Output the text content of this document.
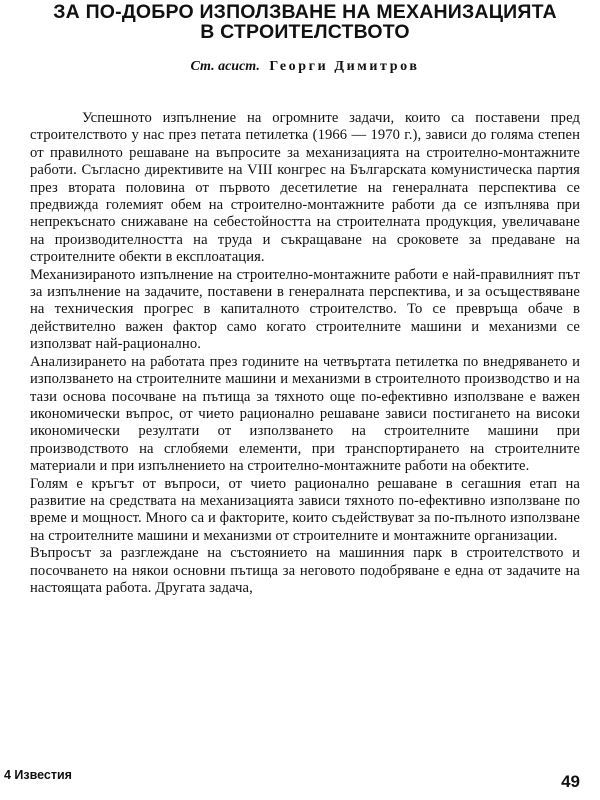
ЗА ПО-ДОБРО ИЗПОЛЗВАНЕ НА МЕХАНИЗАЦИЯТА
В СТРОИТЕЛСТВОТО
Ст. асист. Георги Димитров

Успешното изпълнение на огромните задачи, които са поставени пред строителството у нас през петата петилетка (1966 — 1970 г.), зависи до голяма степен от правилното решаване на въпросите за механизацията на строително-монтажните работи. Съгласно директивите на VIII конгрес на Българската комунистическа партия през втората половина от първото десетилетие на генералната перспектива се предвижда големият обем на строително-монтажните работи да се изпълнява при непрекъснато снижаване на себестойността на строителната продукция, увеличаване на производителността на труда и съкращаване на сроковете за предаване на строителните обекти в експлоатация.

Механизираното изпълнение на строително-монтажните работи е най-правилният път за изпълнение на задачите, поставени в генералната перспектива, и за осъществяване на техническия прогрес в капиталното строителство. То се превръща обаче в действително важен фактор само когато строителните машини и механизми се използват най-рационално.

Анализирането на работата през годините на четвъртата петилетка по внедряването и използването на строителните машини и механизми в строителното производство и на тази основа посочване на пътища за тяхното още по-ефективно използване е важен икономически въпрос, от чието рационално решаване зависи постигането на високи икономически резултати от използването на строителните машини при производството на сглобяеми елементи, при транспортирането на строителните материали и при изпълнението на строително-монтажните работи на обектите.

Голям е кръгът от въпроси, от чието рационално решаване в сегашния етап на развитие на средствата на механизацията зависи тяхното по-ефективно използване по време и мощност. Много са и факторите, които съдействуват за по-пълното използване на строителните машини и механизми от строителните и монтажните организации.

Въпросът за разглеждане на състоянието на машинния парк в строителството и посочването на някои основни пътища за неговото подобряване е една от задачите на настоящата работа. Другата задача,

4 Известия	49
